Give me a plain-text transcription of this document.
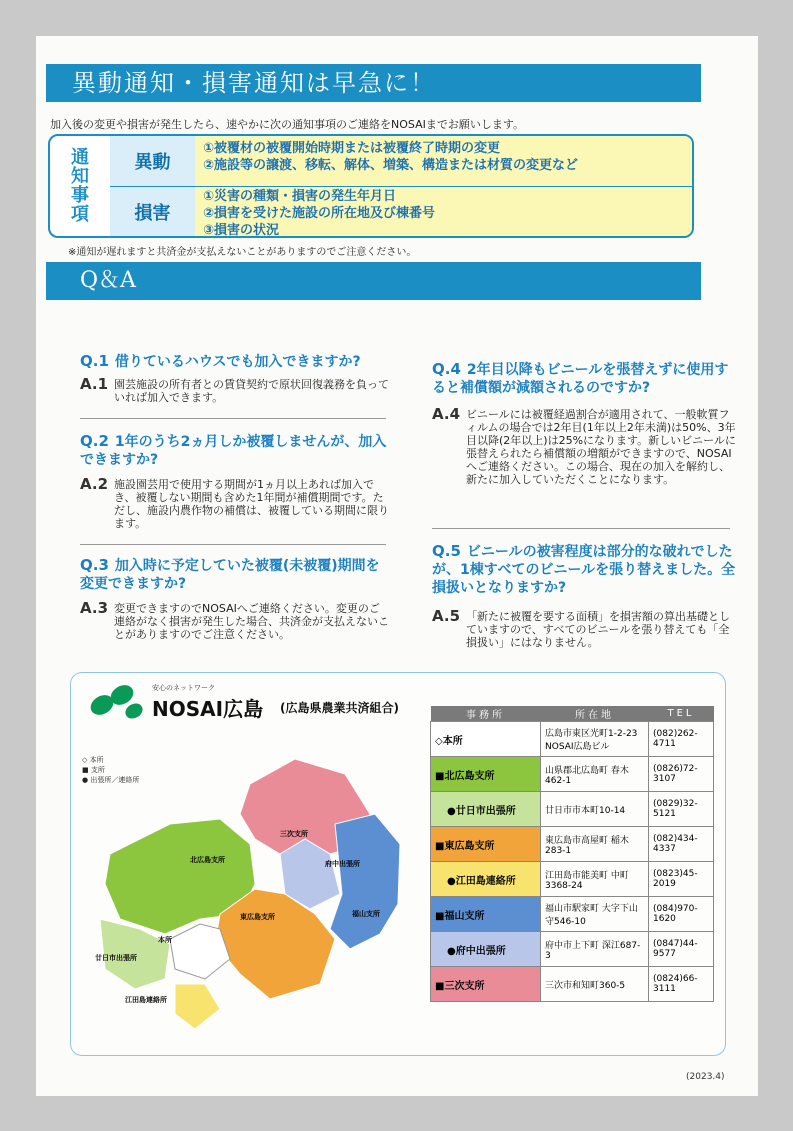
異動通知・損害通知は早急に！
加入後の変更や損害が発生したら、速やかに次の通知事項のご連絡をNOSAIまでお願いします。
通
知
事
項
異動
①被覆材の被覆開始時期または被覆終了時期の変更
②施設等の譲渡、移転、解体、増築、構造または材質の変更など
損害
①災害の種類・損害の発生年月日
②損害を受けた施設の所在地及び棟番号
③損害の状況
※通知が遅れますと共済金が支払えないことがありますのでご注意ください。
Q＆A
Q.1 借りているハウスでも加入できますか?
A.1 園芸施設の所有者との賃貸契約で原状回復義務を負っていれば加入できます。
Q.2 1年のうち2ヵ月しか被覆しませんが、加入できますか?
A.2 施設園芸用で使用する期間が1ヵ月以上あれば加入でき、被覆しない期間も含めた1年間が補償期間です。ただし、施設内農作物の補償は、被覆している期間に限ります。
Q.3 加入時に予定していた被覆(未被覆)期間を変更できますか?
A.3 変更できますのでNOSAIへご連絡ください。変更のご連絡がなく損害が発生した場合、共済金が支払えないことがありますのでご注意ください。
Q.4 2年目以降もビニールを張替えずに使用すると補償額が減額されるのですか?
A.4 ビニールには被覆経過割合が適用されて、一般軟質フィルムの場合では2年目(1年以上2年未満)は50%、3年目以降(2年以上)は25%になります。新しいビニールに張替えられたら補償額の増額ができますので、NOSAIへご連絡ください。この場合、現在の加入を解約し、新たに加入していただくことになります。
Q.5 ビニールの被害程度は部分的な破れでしたが、1棟すべてのビニールを張り替えました。全損扱いとなりますか?
A.5 「新たに被覆を要する面積」を損害額の算出基礎としていますので、すべてのビニールを張り替えても「全損扱い」にはなりません。
安心のネットワーク
NOSAI広島 (広島県農業共済組合)
◇ 本所
■ 支所
● 出張所／連絡所
北広島支所
三次支所
府中出張所
福山支所
東広島支所
本所
廿日市出張所
江田島連絡所
事務所	所在地	TEL
◇本所	広島市東区光町1-2-23 NOSAI広島ビル	(082)262-4711
■北広島支所	山県郡北広島町 春木462-1	(0826)72-3107
●廿日市出張所	廿日市市本町10-14	(0829)32-5121
■東広島支所	東広島市高屋町 稲木283-1	(082)434-4337
●江田島連絡所	江田島市能美町 中町3368-24	(0823)45-2019
■福山支所	福山市駅家町 大字下山守546-10	(084)970-1620
●府中出張所	府中市上下町 深江687-3	(0847)44-9577
■三次支所	三次市和知町360-5	(0824)66-3111
(2023.4)
